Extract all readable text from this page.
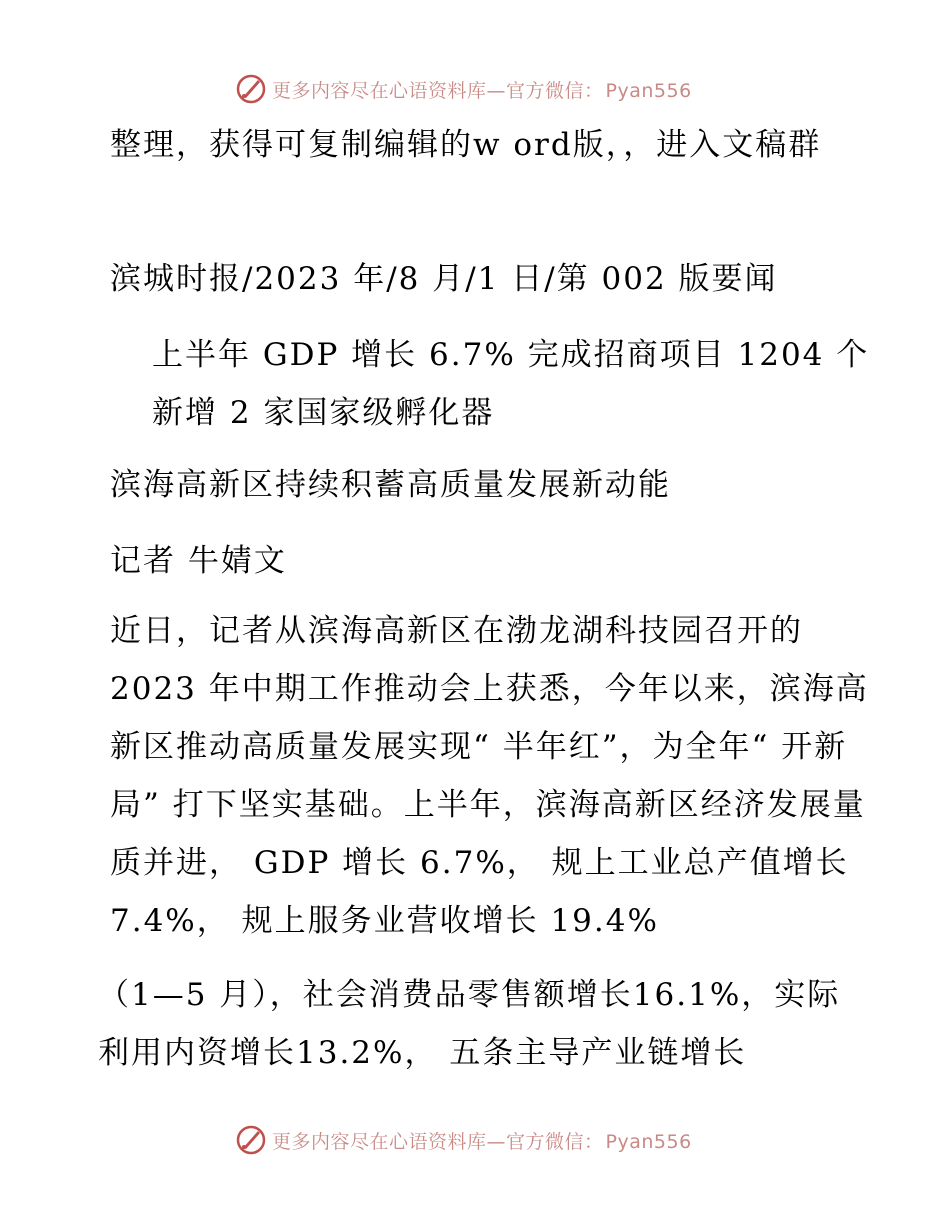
更多内容尽在心语资料库—官方微信： Pyan556

整理，获得可复制编辑的w ord版，，进入文稿群

滨城时报/2023 年/8 月/1 日/第 002 版要闻

上半年 GDP 增长 6.7% 完成招商项目 1204 个 新增 2 家国家级孵化器

滨海高新区持续积蓄高质量发展新动能

记者 牛婧文

近日，记者从滨海高新区在渤龙湖科技园召开的 2023 年中期工作推动会上获悉，今年以来，滨海高新区推动高质量发展实现“ 半年红”，为全年“ 开新局” 打下坚实基础。上半年，滨海高新区经济发展量质并进， GDP 增长 6.7%， 规上工业总产值增长 7.4%， 规上服务业营收增长 19.4%

（1—5 月），社会消费品零售额增长16.1%，实际利用内资增长13.2%， 五条主导产业链增长

更多内容尽在心语资料库—官方微信： Pyan556
